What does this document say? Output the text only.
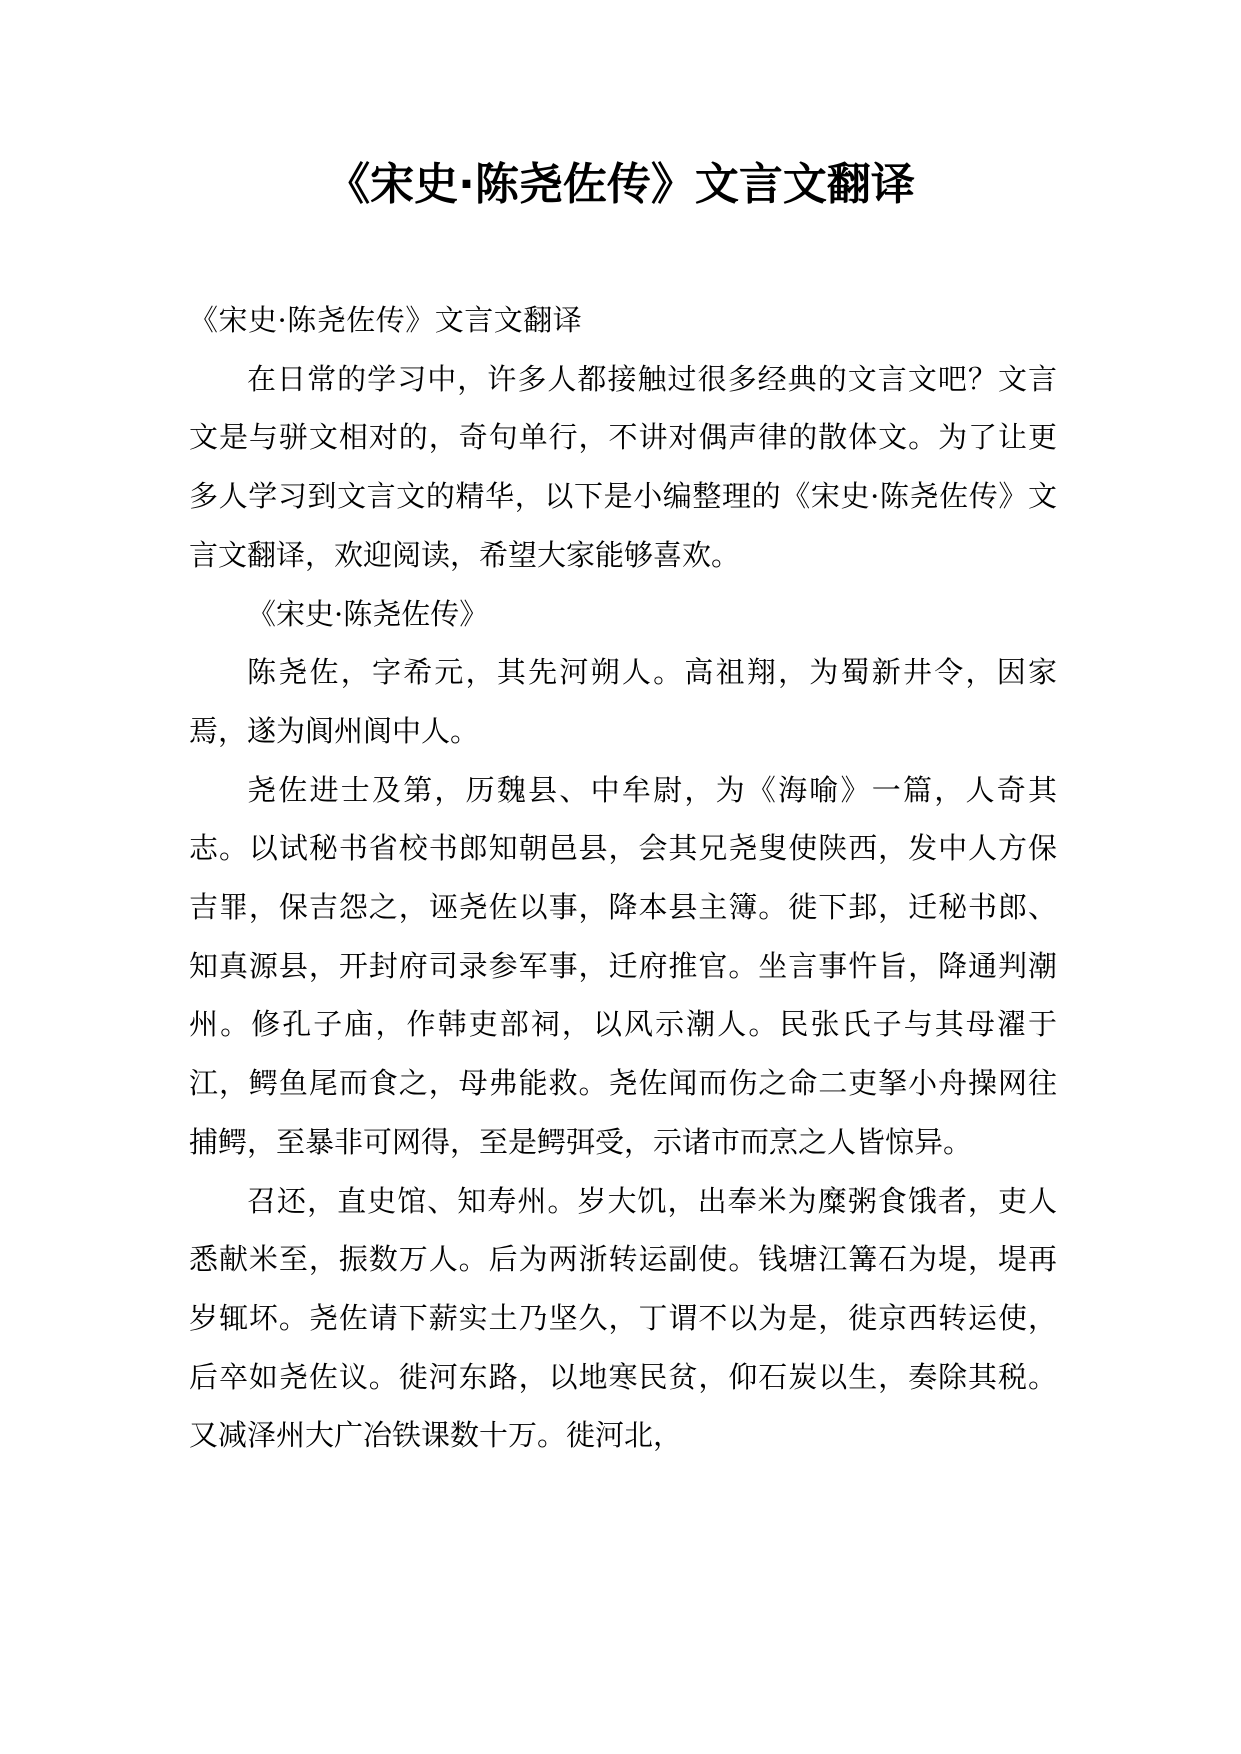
《宋史·陈尧佐传》文言文翻译

《宋史·陈尧佐传》文言文翻译

在日常的学习中，许多人都接触过很多经典的文言文吧？文言文是与骈文相对的，奇句单行，不讲对偶声律的散体文。为了让更多人学习到文言文的精华，以下是小编整理的《宋史·陈尧佐传》文言文翻译，欢迎阅读，希望大家能够喜欢。

《宋史·陈尧佐传》

陈尧佐，字希元，其先河朔人。高祖翔，为蜀新井令，因家焉，遂为阆州阆中人。

尧佐进士及第，历魏县、中牟尉，为《海喻》一篇，人奇其志。以试秘书省校书郎知朝邑县，会其兄尧叟使陕西，发中人方保吉罪，保吉怨之，诬尧佐以事，降本县主簿。徙下邽，迁秘书郎、知真源县，开封府司录参军事，迁府推官。坐言事忤旨，降通判潮州。修孔子庙，作韩吏部祠，以风示潮人。民张氏子与其母濯于江，鳄鱼尾而食之，母弗能救。尧佐闻而伤之命二吏拏小舟操网往捕鳄，至暴非可网得，至是鳄弭受，示诸市而烹之人皆惊异。

召还，直史馆、知寿州。岁大饥，出奉米为糜粥食饿者，吏人悉献米至，振数万人。后为两浙转运副使。钱塘江篝石为堤，堤再岁辄坏。尧佐请下薪实土乃坚久，丁谓不以为是，徙京西转运使，后卒如尧佐议。徙河东路，以地寒民贫，仰石炭以生，奏除其税。又减泽州大广冶铁课数十万。徙河北，
